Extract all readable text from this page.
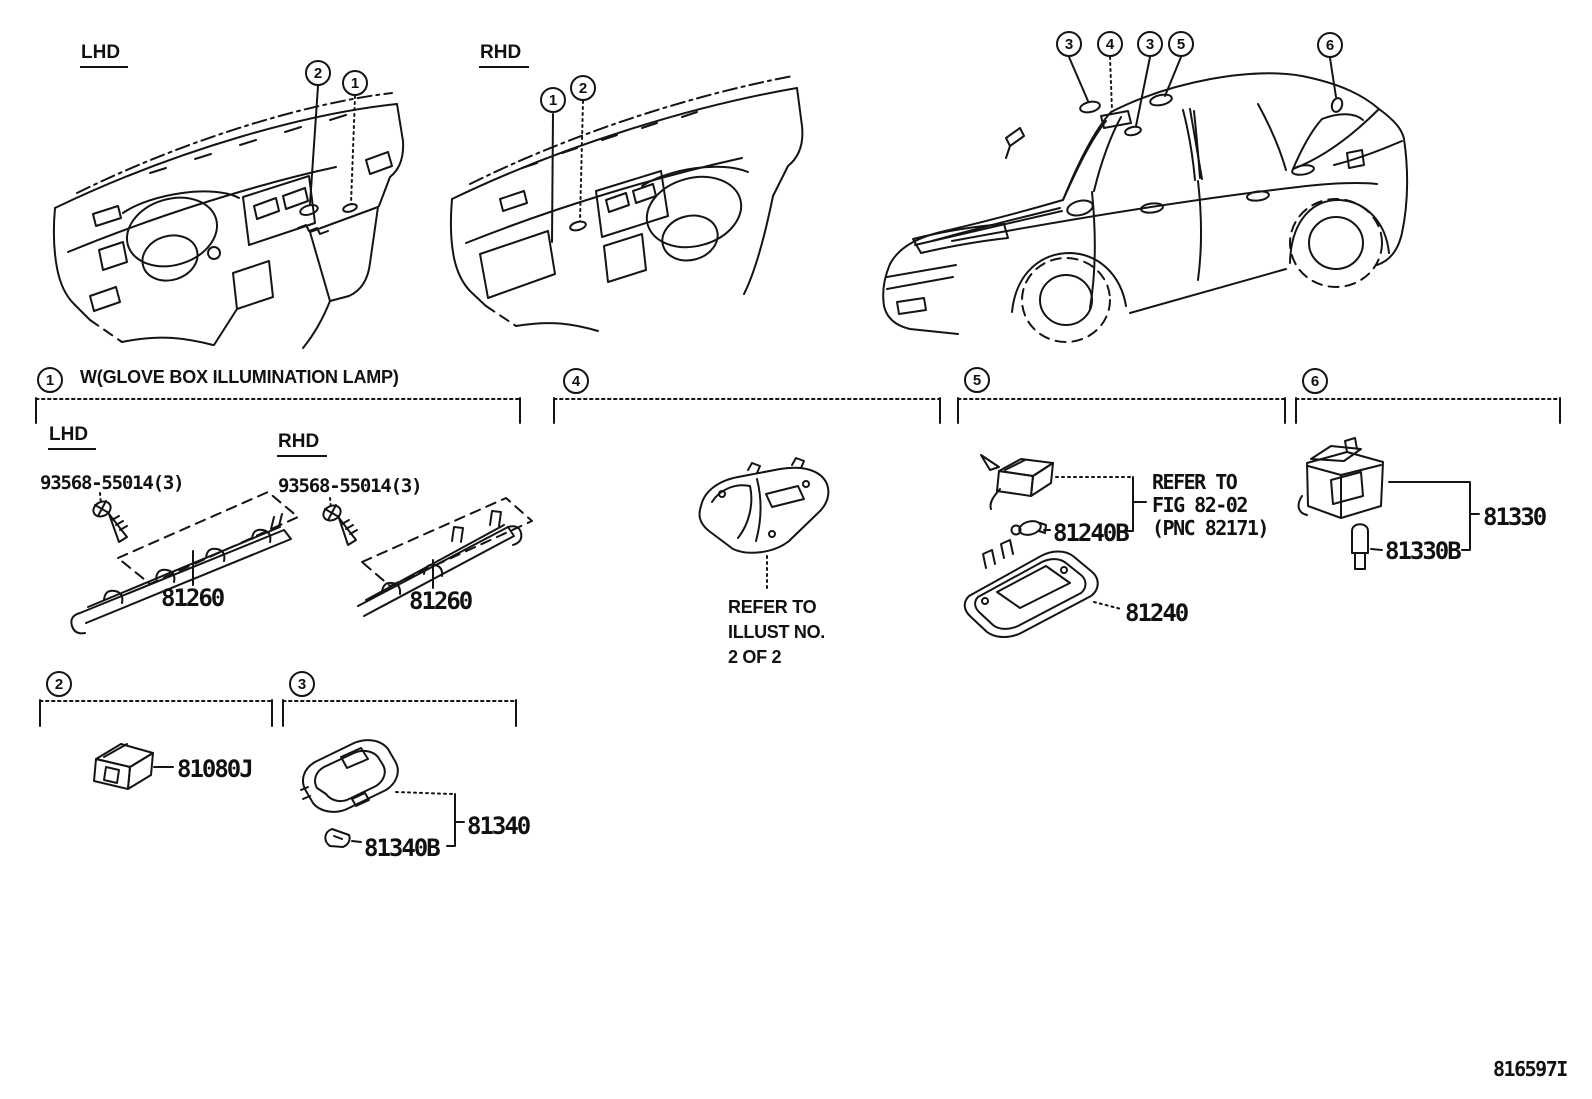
LHD	RHD
2
1
1
2
3	4	3	5	6
1	4	5	6
2	3
W(GLOVE BOX ILLUMINATION LAMP)
LHD	RHD
93568-55014(3)	93568-55014(3)
81260	81260
81080J
81340
81340B
REFER TO
ILLUST NO.
2 OF 2
REFER TO
FIG 82-02
(PNC 82171)
81240B
81240
81330
81330B
816597I
